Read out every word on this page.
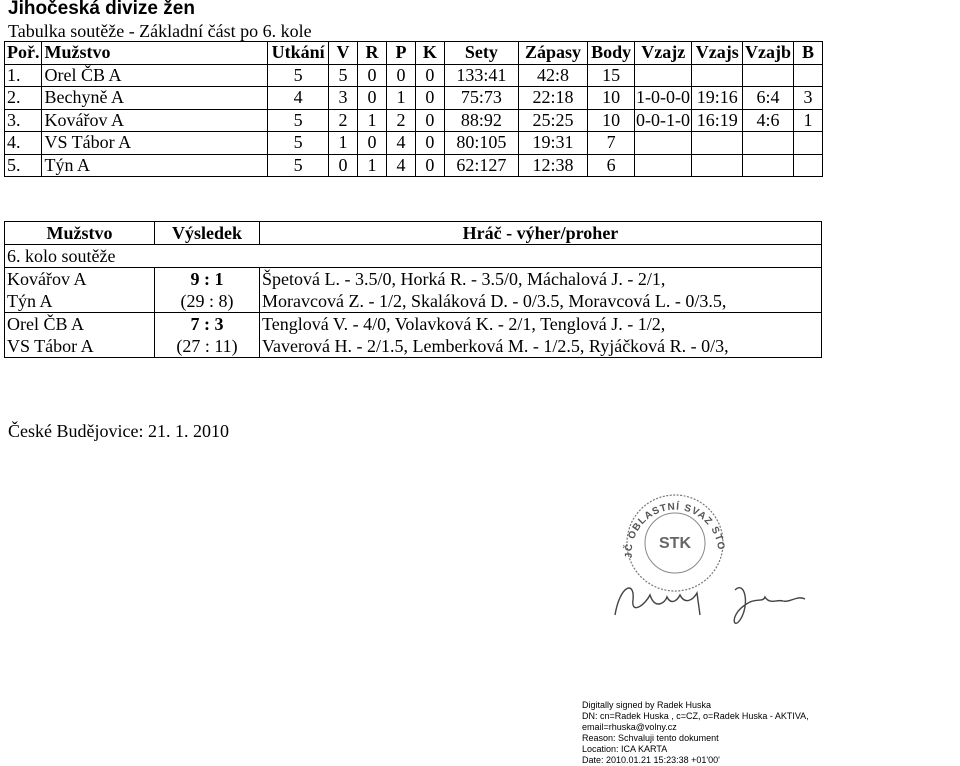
Jihočeská divize žen
Tabulka soutěže - Základní část po 6. kole
Poř.	Mužstvo	Utkání	V	R	P	K	Sety	Zápasy	Body	Vzajz	Vzajs	Vzajb	B
1.	Orel ČB A	5	5	0	0	0	133:41	42:8	15				
2.	Bechyně A	4	3	0	1	0	75:73	22:18	10	1-0-0-0	19:16	6:4	3
3.	Kovářov A	5	2	1	2	0	88:92	25:25	10	0-0-1-0	16:19	4:6	1
4.	VS Tábor A	5	1	0	4	0	80:105	19:31	7				
5.	Týn A	5	0	1	4	0	62:127	12:38	6				
Mužstvo	Výsledek	Hráč - výher/proher
6. kolo soutěže		
Kovářov A	9 : 1	Špetová L. - 3.5/0, Horká R. - 3.5/0, Máchalová J. - 2/1,
Týn A	(29 : 8)	Moravcová Z. - 1/2, Skaláková D. - 0/3.5, Moravcová L. - 0/3.5,
Orel ČB A	7 : 3	Tenglová V. - 4/0, Volavková K. - 2/1, Tenglová J. - 1/2,
VS Tábor A	(27 : 11)	Vaverová H. - 2/1.5, Lemberková M. - 1/2.5, Ryjáčková R. - 0/3,
České Budějovice: 21. 1. 2010
JČ OBLASTNÍ SVAZ STO
STK
Digitally signed by Radek Huska
DN: cn=Radek Huska , c=CZ, o=Radek Huska - AKTIVA,
email=rhuska@volny.cz
Reason: Schvaluji tento dokument
Location: ICA KARTA
Date: 2010.01.21 15:23:38 +01'00'
